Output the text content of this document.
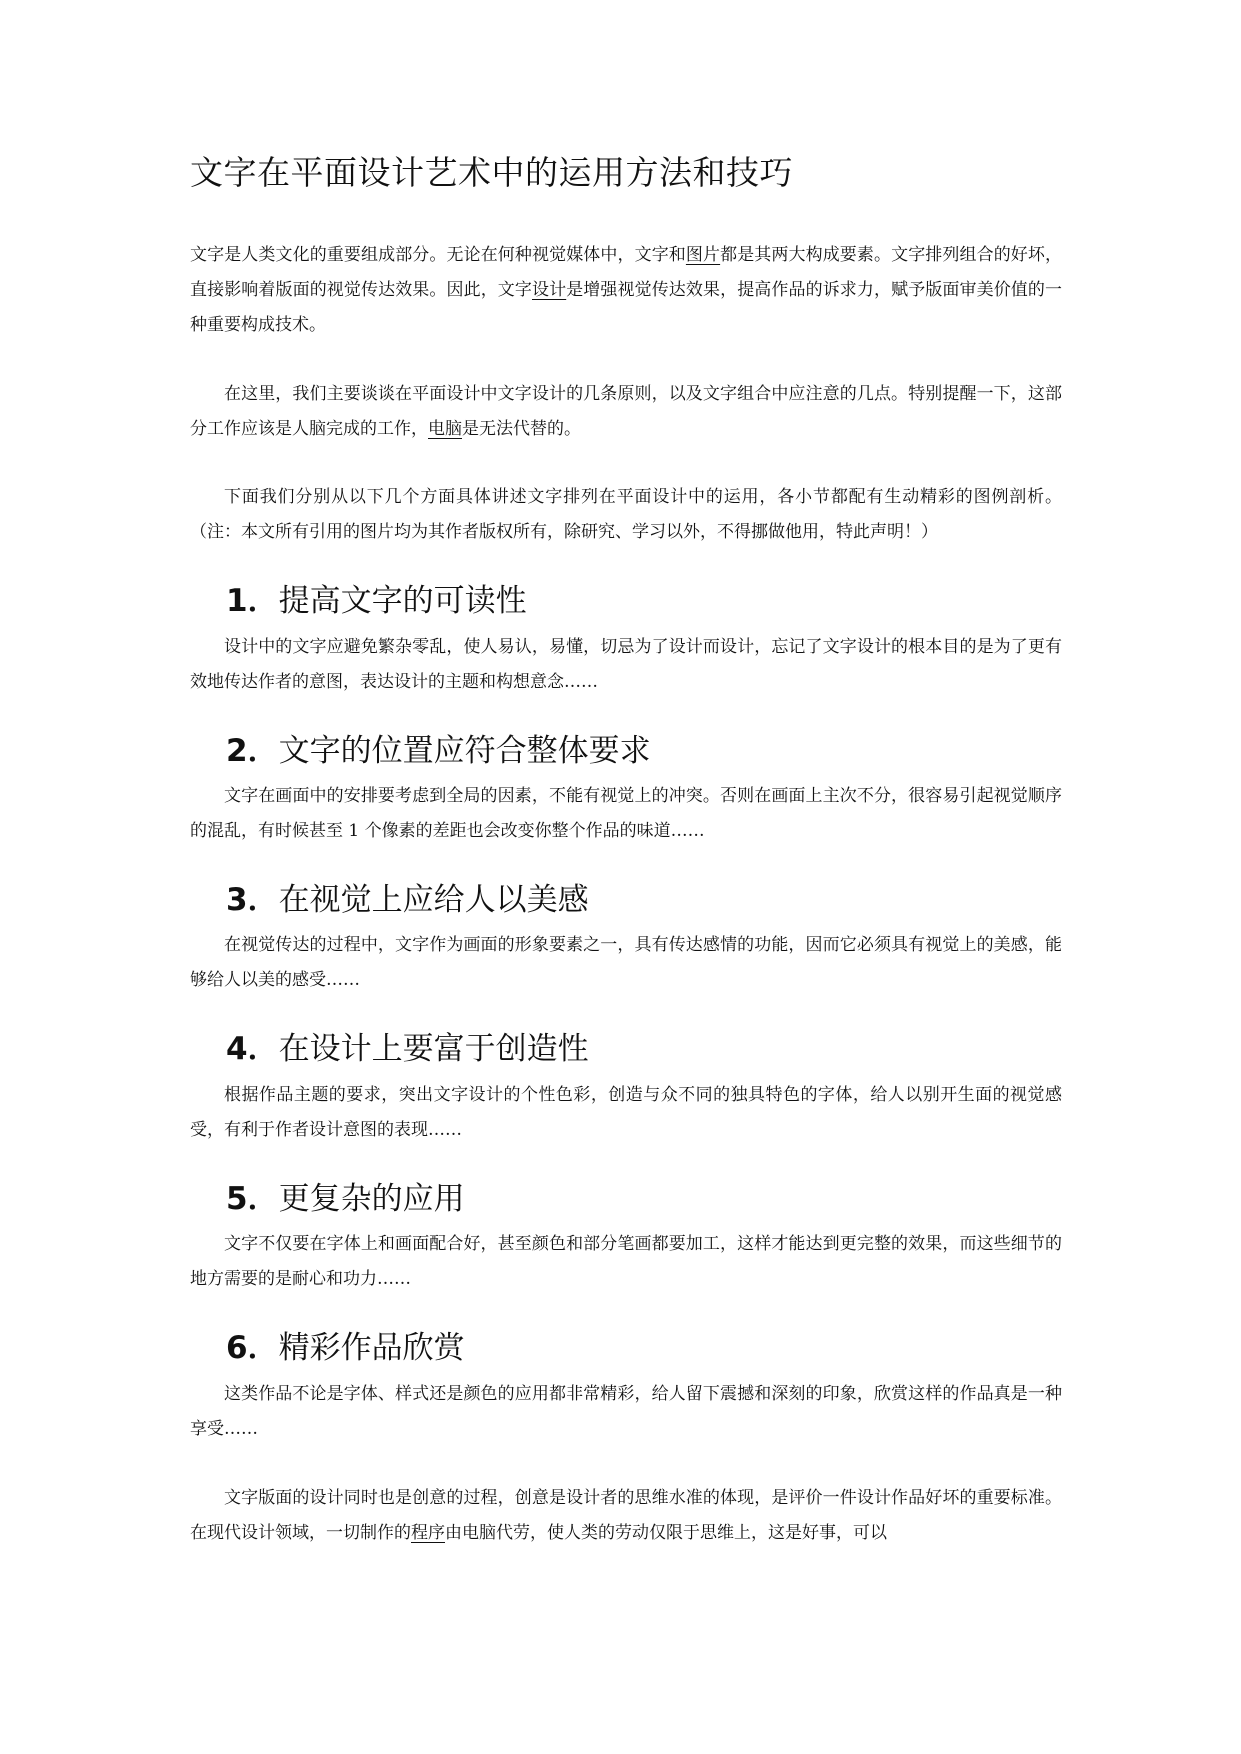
文字在平面设计艺术中的运用方法和技巧

文字是人类文化的重要组成部分。无论在何种视觉媒体中，文字和图片都是其两大构成要素。文字排列组合的好坏，直接影响着版面的视觉传达效果。因此，文字设计是增强视觉传达效果，提高作品的诉求力，赋予版面审美价值的一种重要构成技术。

在这里，我们主要谈谈在平面设计中文字设计的几条原则，以及文字组合中应注意的几点。特别提醒一下，这部分工作应该是人脑完成的工作，电脑是无法代替的。

下面我们分别从以下几个方面具体讲述文字排列在平面设计中的运用，各小节都配有生动精彩的图例剖析。（注：本文所有引用的图片均为其作者版权所有，除研究、学习以外，不得挪做他用，特此声明！）

1．提高文字的可读性

设计中的文字应避免繁杂零乱，使人易认，易懂，切忌为了设计而设计，忘记了文字设计的根本目的是为了更有效地传达作者的意图，表达设计的主题和构想意念……

2．文字的位置应符合整体要求

文字在画面中的安排要考虑到全局的因素，不能有视觉上的冲突。否则在画面上主次不分，很容易引起视觉顺序的混乱，有时候甚至 1 个像素的差距也会改变你整个作品的味道……

3．在视觉上应给人以美感

在视觉传达的过程中，文字作为画面的形象要素之一，具有传达感情的功能，因而它必须具有视觉上的美感，能够给人以美的感受……

4．在设计上要富于创造性

根据作品主题的要求，突出文字设计的个性色彩，创造与众不同的独具特色的字体，给人以别开生面的视觉感受，有利于作者设计意图的表现……

5．更复杂的应用

文字不仅要在字体上和画面配合好，甚至颜色和部分笔画都要加工，这样才能达到更完整的效果，而这些细节的地方需要的是耐心和功力……

6．精彩作品欣赏

这类作品不论是字体、样式还是颜色的应用都非常精彩，给人留下震撼和深刻的印象，欣赏这样的作品真是一种享受……

文字版面的设计同时也是创意的过程，创意是设计者的思维水准的体现，是评价一件设计作品好坏的重要标准。在现代设计领域，一切制作的程序由电脑代劳，使人类的劳动仅限于思维上，这是好事，可以
